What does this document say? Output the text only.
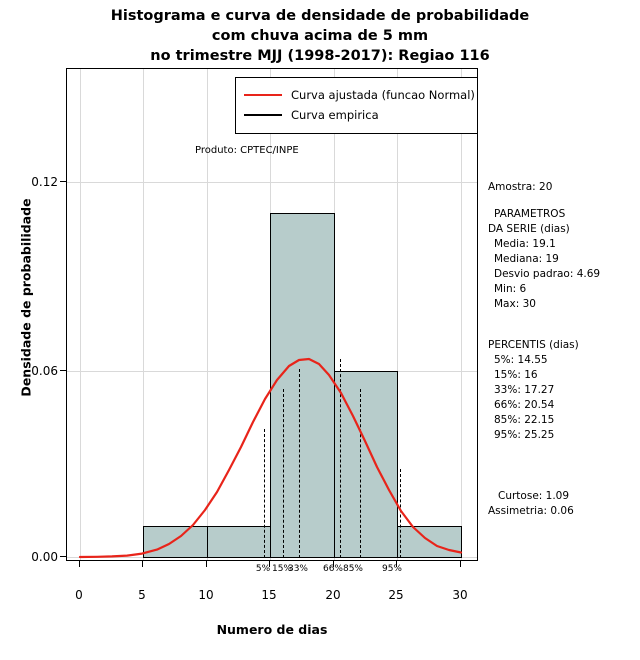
Histograma e curva de densidade de probabilidade
com chuva acima de 5 mm
no trimestre MJJ (1998-2017): Regiao 116
Densidade de probabilidade
Numero de dias
0.12
0.06
0.00
0	5	10	15	20	25	30
5% 15%
33%	66% 85%	95%
Curva ajustada (funcao Normal)
Curva empirica
Produto: CPTEC/INPE
Amostra: 20
PARAMETROS
DA SERIE (dias)
Media: 19.1
Mediana: 19
Desvio padrao: 4.69
Min: 6
Max: 30
PERCENTIS (dias)
5%: 14.55
15%: 16
33%: 17.27
66%: 20.54
85%: 22.15
95%: 25.25
Curtose: 1.09
Assimetria: 0.06
